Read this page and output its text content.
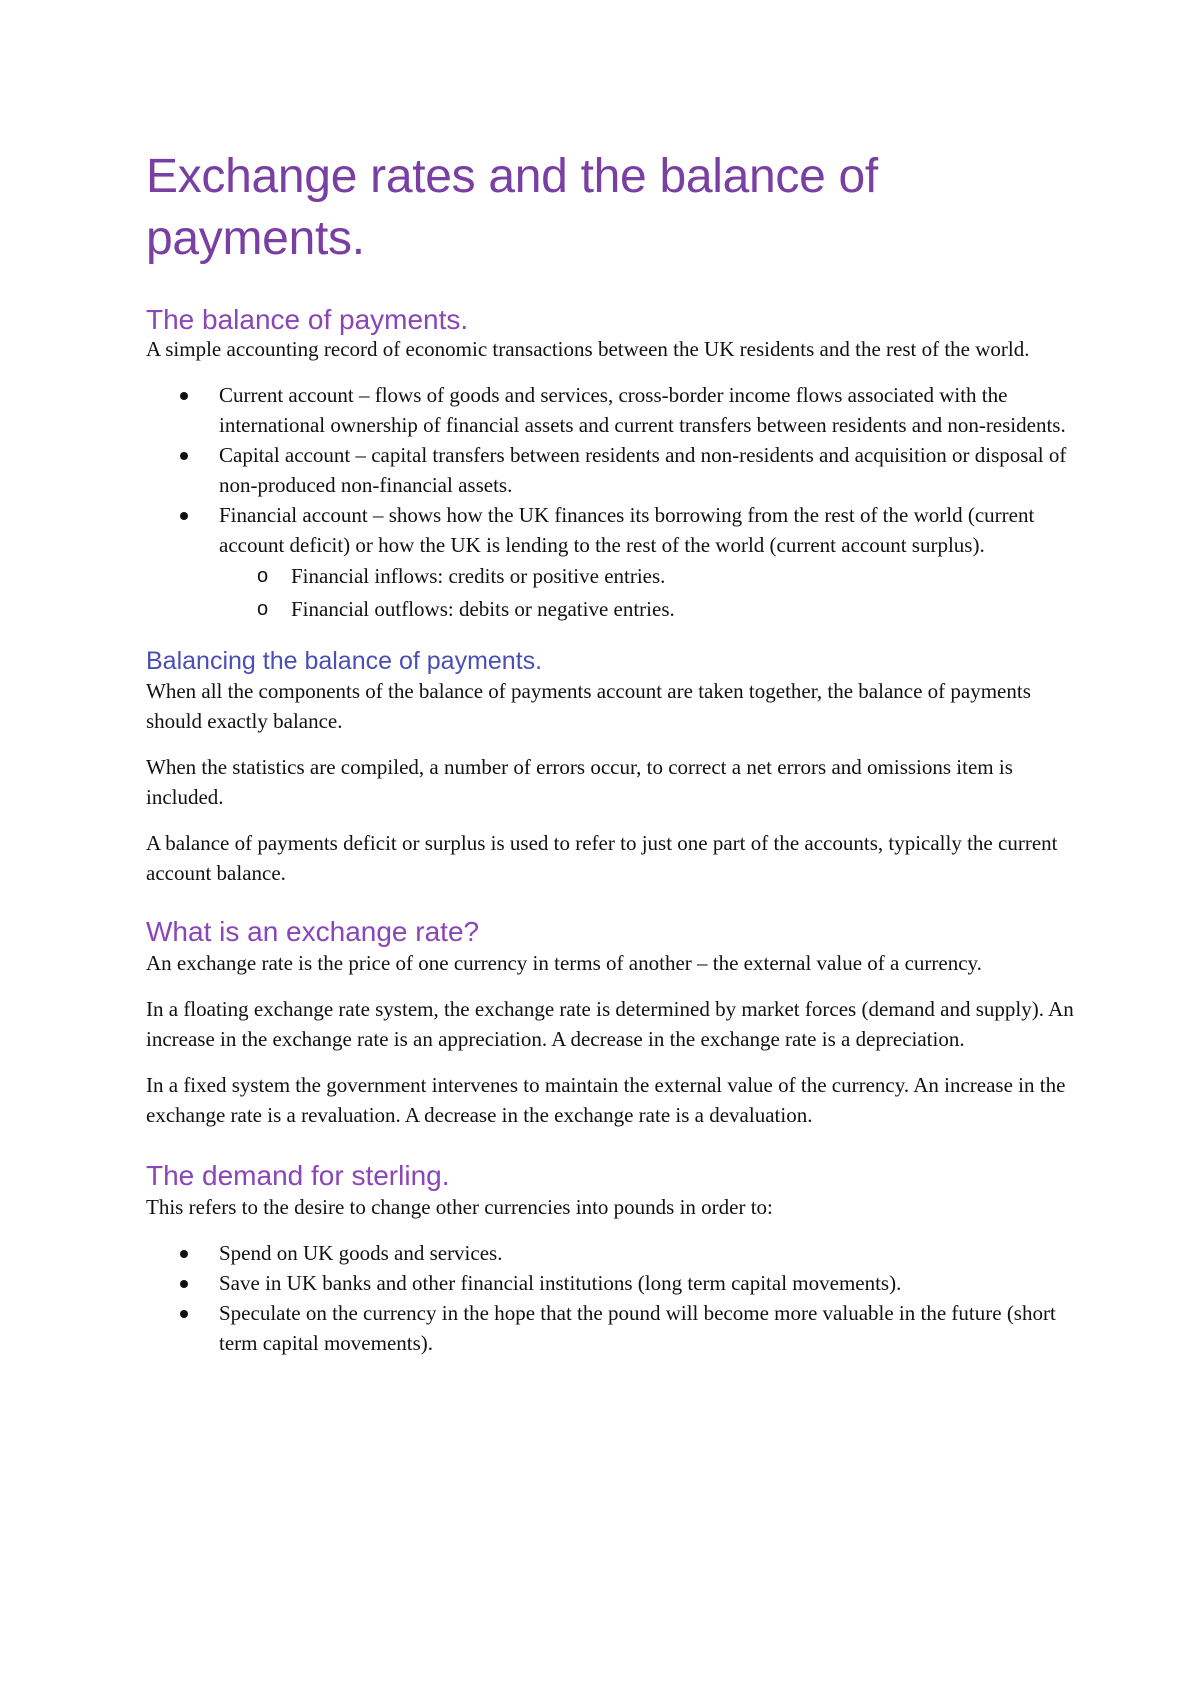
Exchange rates and the balance of payments.
The balance of payments.

A simple accounting record of economic transactions between the UK residents and the rest of the world.

Current account – flows of goods and services, cross-border income flows associated with the international ownership of financial assets and current transfers between residents and non-residents.
Capital account – capital transfers between residents and non-residents and acquisition or disposal of non-produced non-financial assets.
Financial account – shows how the UK finances its borrowing from the rest of the world (current account deficit) or how the UK is lending to the rest of the world (current account surplus).
o Financial inflows: credits or positive entries.
o Financial outflows: debits or negative entries.
Balancing the balance of payments.

When all the components of the balance of payments account are taken together, the balance of payments should exactly balance.

When the statistics are compiled, a number of errors occur, to correct a net errors and omissions item is included.

A balance of payments deficit or surplus is used to refer to just one part of the accounts, typically the current account balance.

What is an exchange rate?

An exchange rate is the price of one currency in terms of another – the external value of a currency.

In a floating exchange rate system, the exchange rate is determined by market forces (demand and supply). An increase in the exchange rate is an appreciation. A decrease in the exchange rate is a depreciation.

In a fixed system the government intervenes to maintain the external value of the currency. An increase in the exchange rate is a revaluation. A decrease in the exchange rate is a devaluation.

The demand for sterling.

This refers to the desire to change other currencies into pounds in order to:

Spend on UK goods and services.
Save in UK banks and other financial institutions (long term capital movements).
Speculate on the currency in the hope that the pound will become more valuable in the future (short term capital movements).
